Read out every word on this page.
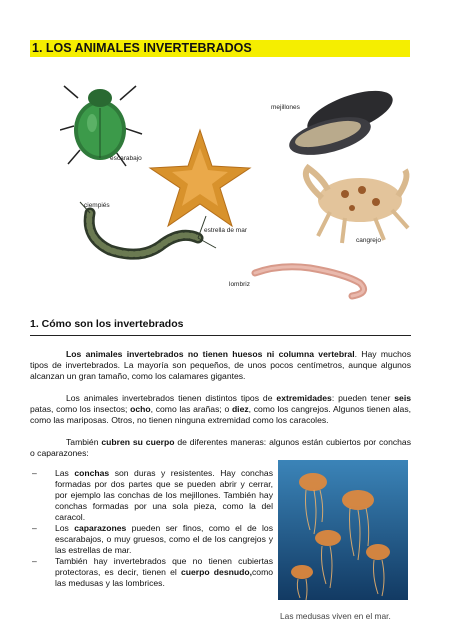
1. LOS ANIMALES INVERTEBRADOS
mejillones
escarabajo
ciempiés
estrella de mar
cangrejo
lombriz
1. Cómo son los invertebrados

Los animales invertebrados no tienen huesos ni columna vertebral. Hay muchos tipos de invertebrados. La mayoría son pequeños, de unos pocos centímetros, aunque algunos alcanzan un gran tamaño, como los calamares gigantes.

Los animales invertebrados tienen distintos tipos de extremidades: pueden tener seis patas, como los insectos; ocho, como las arañas; o diez, como los cangrejos. Algunos tienen alas, como las mariposas. Otros, no tienen ninguna extremidad como los caracoles.

También cubren su cuerpo de diferentes maneras: algunos están cubiertos por conchas o caparazones:

– Las conchas son duras y resistentes. Hay conchas formadas por dos partes que se pueden abrir y cerrar, por ejemplo las conchas de los mejillones. También hay conchas formadas por una sola pieza, como la del caracol.
– Los caparazones pueden ser finos, como el de los escarabajos, o muy gruesos, como el de los cangrejos y las estrellas de mar.
– También hay invertebrados que no tienen cubiertas protectoras, es decir, tienen el cuerpo desnudo,como las medusas y las lombrices.
Las medusas viven en el mar.
